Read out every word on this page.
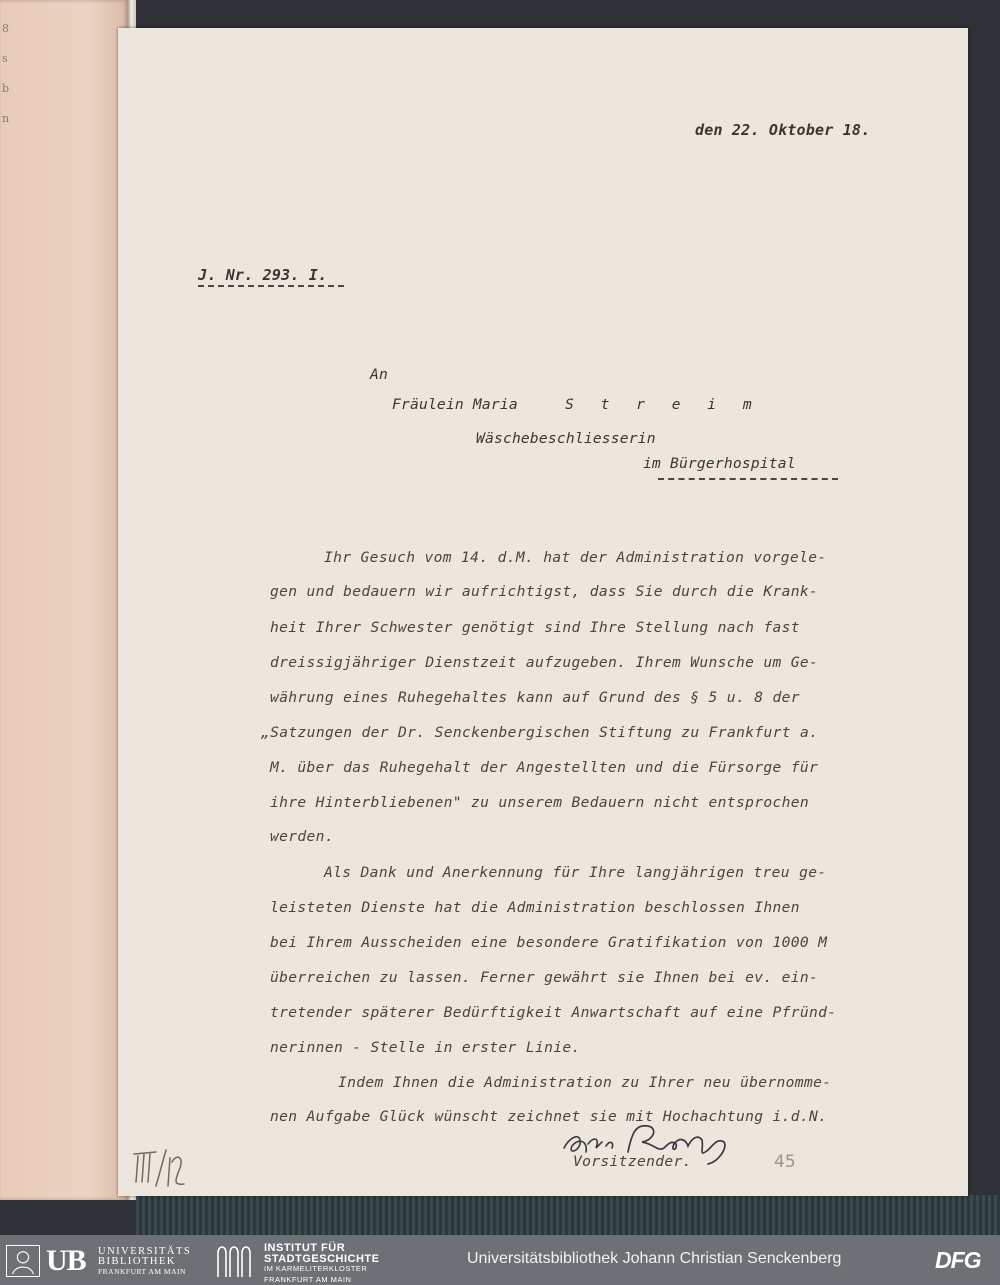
8
s
b
n
den 22. Oktober 18.
J. Nr. 293. I.
An
Fräulein Maria	S t r e i m
Wäschebeschliesserin
im Bürgerhospital
Ihr Gesuch vom 14. d.M. hat der Administration vorgele-
gen und bedauern wir aufrichtigst, dass Sie durch die Krank-
heit Ihrer Schwester genötigt sind Ihre Stellung nach fast
dreissigjähriger Dienstzeit aufzugeben. Ihrem Wunsche um Ge-
währung eines Ruhegehaltes kann auf Grund des § 5 u. 8 der
„Satzungen der Dr. Senckenbergischen Stiftung zu Frankfurt a.
M. über das Ruhegehalt der Angestellten und die Fürsorge für
ihre Hinterbliebenen" zu unserem Bedauern nicht entsprochen
werden.
Als Dank und Anerkennung für Ihre langjährigen treu ge-
leisteten Dienste hat die Administration beschlossen Ihnen
bei Ihrem Ausscheiden eine besondere Gratifikation von 1000 M
überreichen zu lassen. Ferner gewährt sie Ihnen bei ev. ein-
tretender späterer Bedürftigkeit Anwartschaft auf eine Pfründ-
nerinnen - Stelle in erster Linie.
Indem Ihnen die Administration zu Ihrer neu übernomme-
nen Aufgabe Glück wünscht zeichnet sie mit Hochachtung i.d.N.
Vorsitzender.	45
UB UNIVERSITÄTS
BIBLIOTHEK
FRANKFURT AM MAIN
INSTITUT FÜR
STADTGESCHICHTE
IM KARMELITERKLOSTER
FRANKFURT AM MAIN
Universitätsbibliothek Johann Christian Senckenberg	DFG
